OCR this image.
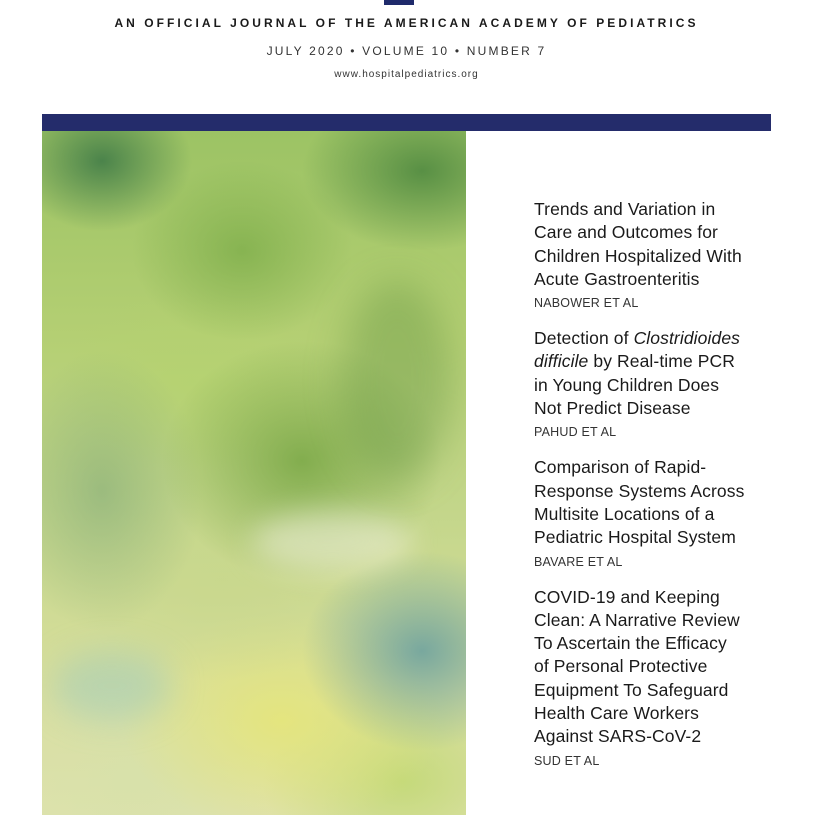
AN OFFICIAL JOURNAL OF THE AMERICAN ACADEMY OF PEDIATRICS
JULY 2020 • VOLUME 10 • NUMBER 7
www.hospitalpediatrics.org

Trends and Variation in
Care and Outcomes for
Children Hospitalized With
Acute Gastroenteritis

NABOWER ET AL

Detection of Clostridioides
difficile by Real-time PCR
in Young Children Does
Not Predict Disease

PAHUD ET AL

Comparison of Rapid-
Response Systems Across
Multisite Locations of a
Pediatric Hospital System

BAVARE ET AL

COVID-19 and Keeping
Clean: A Narrative Review
To Ascertain the Efficacy
of Personal Protective
Equipment To Safeguard
Health Care Workers
Against SARS-CoV-2

SUD ET AL
